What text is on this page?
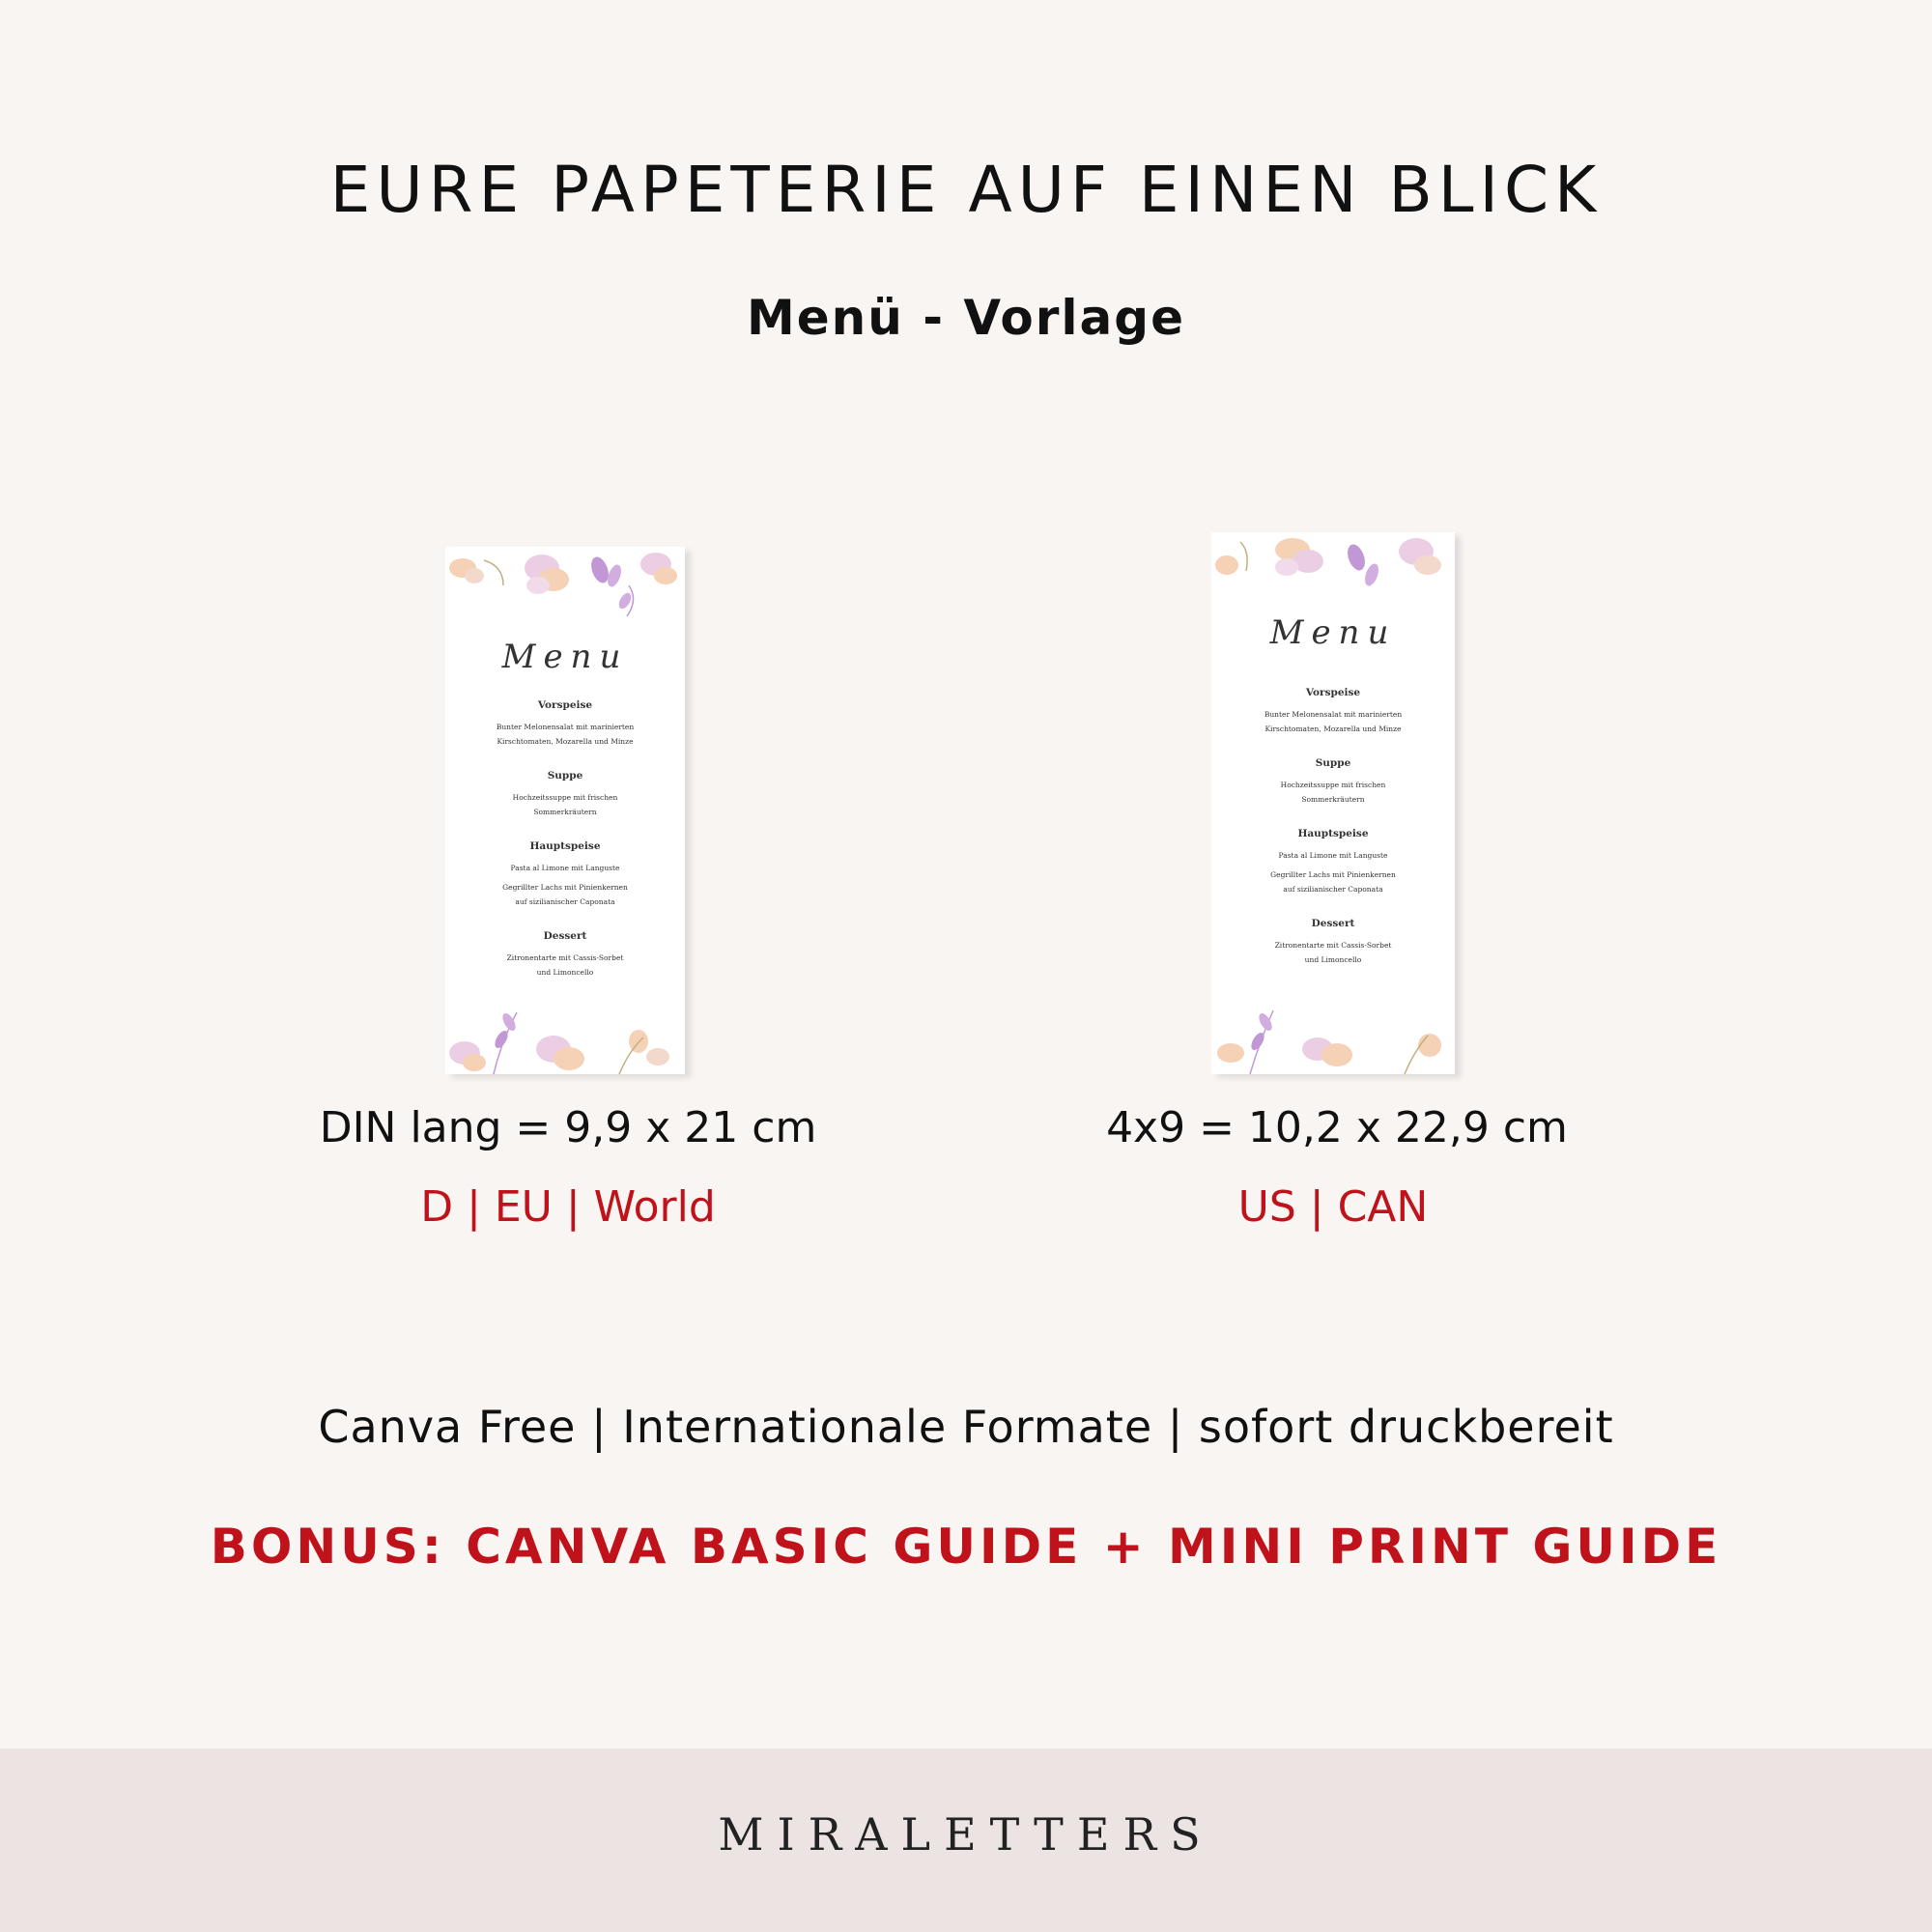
EURE PAPETERIE AUF EINEN BLICK
Menü - Vorlage
Menu
Vorspeise
Bunter Melonensalat mit marinierten
Kirschtomaten, Mozarella und Minze
Suppe
Hochzeitssuppe mit frischen
Sommerkräutern
Hauptspeise
Pasta al Limone mit Languste
Gegrillter Lachs mit Pinienkernen
auf sizilianischer Caponata
Dessert
Zitronentarte mit Cassis-Sorbet
und Limoncello
Menu
Vorspeise
Bunter Melonensalat mit marinierten
Kirschtomaten, Mozarella und Minze
Suppe
Hochzeitssuppe mit frischen
Sommerkräutern
Hauptspeise
Pasta al Limone mit Languste
Gegrillter Lachs mit Pinienkernen
auf sizilianischer Caponata
Dessert
Zitronentarte mit Cassis-Sorbet
und Limoncello
DIN lang = 9,9 x 21 cm
D | EU | World
4x9 = 10,2 x 22,9 cm
US | CAN
Canva Free | Internationale Formate | sofort druckbereit
BONUS: CANVA BASIC GUIDE + MINI PRINT GUIDE
MIRALETTERS
